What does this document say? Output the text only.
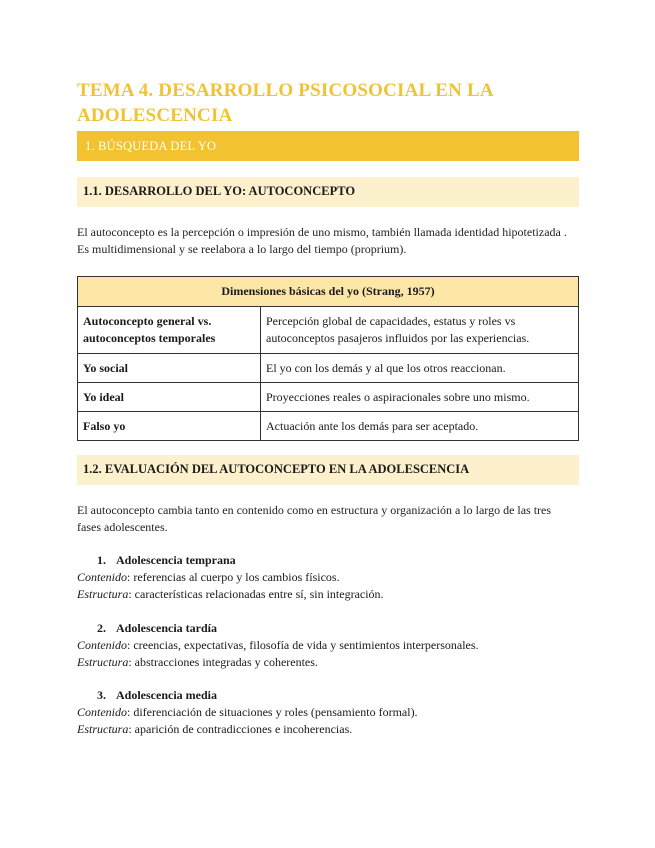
TEMA 4. DESARROLLO PSICOSOCIAL EN LA ADOLESCENCIA
1. BÚSQUEDA DEL YO
1.1. DESARROLLO DEL YO: AUTOCONCEPTO
El autoconcepto es la percepción o impresión de uno mismo, también llamada identidad hipotetizada . Es multidimensional y se reelabora a lo largo del tiempo (proprium).
Dimensiones básicas del yo (Strang, 1957)	
Autoconcepto general vs. autoconceptos temporales	Percepción global de capacidades, estatus y roles vs autoconceptos pasajeros influidos por las experiencias.
Yo social	El yo con los demás y al que los otros reaccionan.
Yo ideal	Proyecciones reales o aspiracionales sobre uno mismo.
Falso yo	Actuación ante los demás para ser aceptado.
1.2. EVALUACIÓN DEL AUTOCONCEPTO EN LA ADOLESCENCIA
El autoconcepto cambia tanto en contenido como en estructura y organización a lo largo de las tres fases adolescentes.
1. Adolescencia temprana
Contenido: referencias al cuerpo y los cambios físicos.
Estructura: características relacionadas entre sí, sin integración.
2. Adolescencia tardía
Contenido: creencias, expectativas, filosofía de vida y sentimientos interpersonales.
Estructura: abstracciones integradas y coherentes.
3. Adolescencia media
Contenido: diferenciación de situaciones y roles (pensamiento formal).
Estructura: aparición de contradicciones e incoherencias.
